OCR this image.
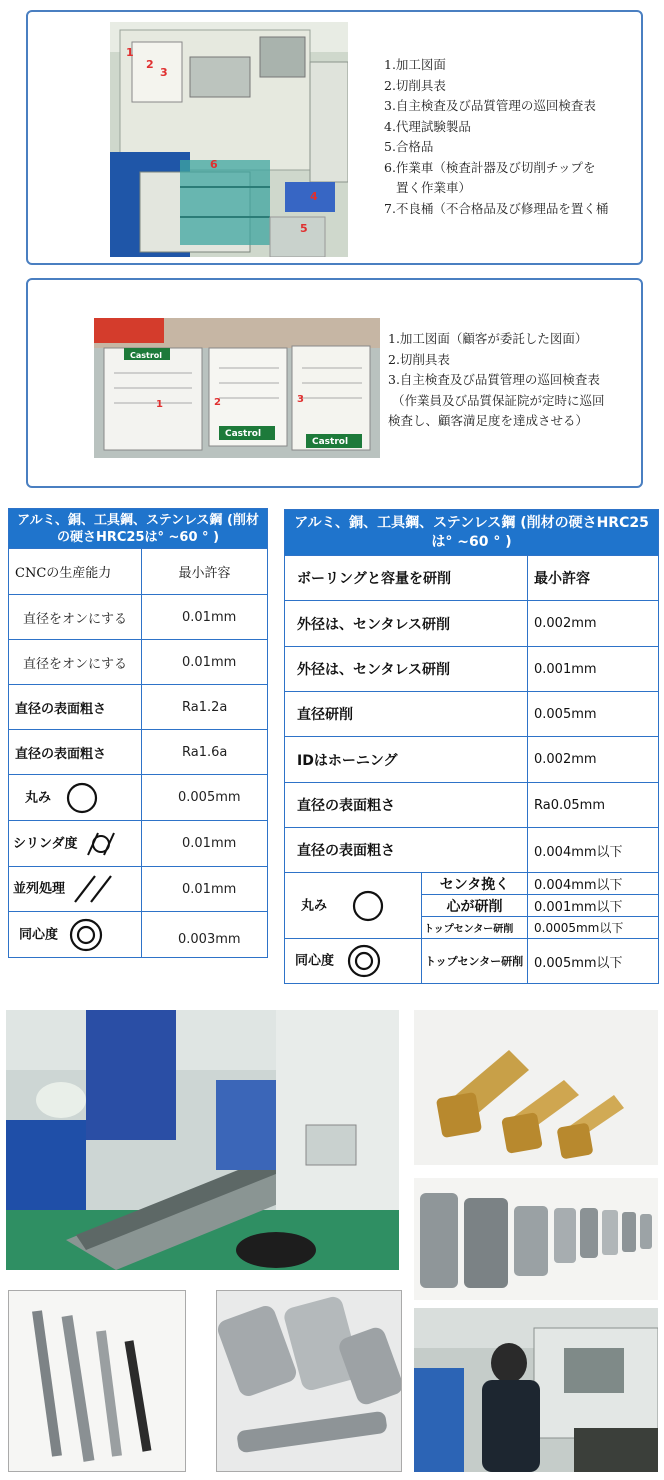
1
2
3
4
5
6
1.加工図面
2.切削具表
3.自主検査及び品質管理の巡回検査表
4.代理試験製品
5.合格品
6.作業車（検査計器及び切削チップを
置く作業車）
7.不良桶（不合格品及び修理品を置く桶
Castrol
Castrol
Castrol
1	2	3
1.加工図面（顧客が委託した図面）
2.切削具表
3.自主検査及び品質管理の巡回検査表
（作業員及び品質保証院が定時に巡回
検査し、顧客満足度を達成させる）
アルミ、銅、工具鋼、ステンレス鋼 (削材の硬さHRC25は° ~60 ° )	
CNCの生産能力	最小許容
直径をオンにする	0.01mm
直径をオンにする	0.01mm
直径の表面粗さ	Ra1.2a
直径の表面粗さ	Ra1.6a
丸み	0.005mm
シリンダ度	0.01mm
並列処理	0.01mm
同心度	0.003mm
アルミ、銅、工具鋼、ステンレス鋼 (削材の硬さHRC25は° ~60 ° )		
ボーリングと容量を研削		最小許容
外径は、センタレス研削		0.002mm
外径は、センタレス研削		0.001mm
直径研削		0.005mm
IDはホーニング		0.002mm
直径の表面粗さ		Ra0.05mm
直径の表面粗さ		0.004mm以下
丸み	センタ挽く	0.004mm以下
	心が研削	0.001mm以下
	トップセンター研削	0.0005mm以下
同心度	トップセンター研削	0.005mm以下
